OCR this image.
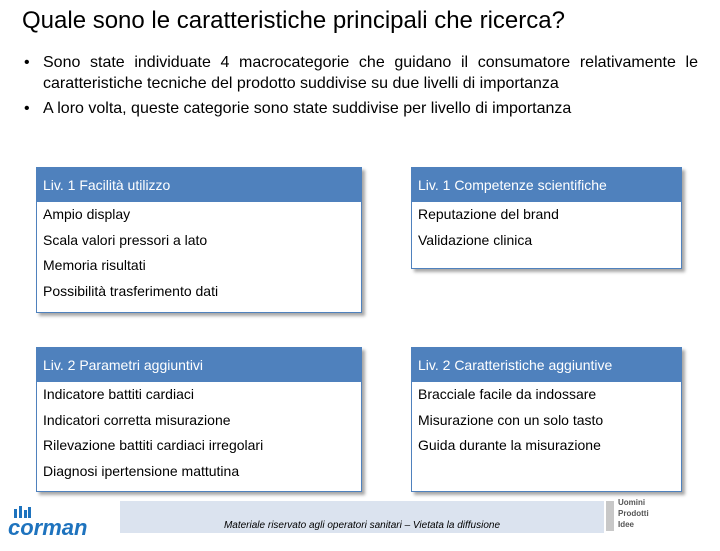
Quale sono le caratteristiche principali che ricerca?
• Sono state individuate 4 macrocategorie che guidano il consumatore relativamente le caratteristiche tecniche del prodotto suddivise su due livelli di importanza
• A loro volta, queste categorie sono state suddivise per livello di importanza
Liv. 1 Facilità utilizzo
Ampio display
Scala valori pressori a lato
Memoria risultati
Possibilità trasferimento dati
Liv. 1 Competenze scientifiche
Reputazione del brand
Validazione clinica
Liv. 2 Parametri aggiuntivi
Indicatore battiti cardiaci
Indicatori corretta misurazione
Rilevazione battiti cardiaci irregolari
Diagnosi ipertensione mattutina
Liv. 2 Caratteristiche aggiuntive
Bracciale facile da indossare
Misurazione con un solo tasto
Guida durante la misurazione
corman	Materiale riservato agli operatori sanitari – Vietata la diffusione
Uomini
Prodotti
Idee
